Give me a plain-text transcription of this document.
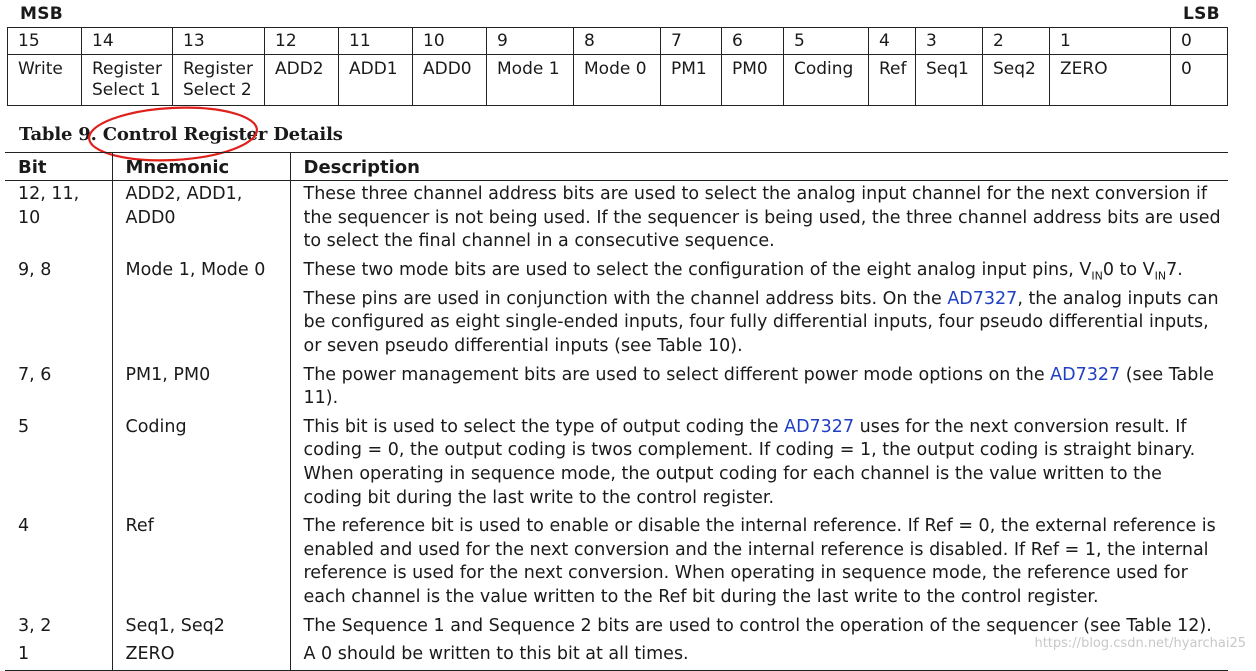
MSB	LSB
15	14	13	12	11	10	9	8	7	6	5	4	3	2	1	0
Write	Register Select 1	Register Select 2	ADD2	ADD1	ADD0	Mode 1	Mode 0	PM1	PM0	Coding	Ref	Seq1	Seq2	ZERO	0
Table 9. Control Register Details
Bit	Mnemonic	Description
12, 11, 10	ADD2, ADD1, ADD0	These three channel address bits are used to select the analog input channel for the next conversion if the sequencer is not being used. If the sequencer is being used, the three channel address bits are used to select the final channel in a consecutive sequence.
9, 8	Mode 1, Mode 0	These two mode bits are used to select the configuration of the eight analog input pins, $V_{IN}0$ to $V_{IN}7$. These pins are used in conjunction with the channel address bits. On the AD7327, the analog inputs can be configured as eight single-ended inputs, four fully differential inputs, four pseudo differential inputs, or seven pseudo differential inputs (see Table 10).
7, 6	PM1, PM0	The power management bits are used to select different power mode options on the AD7327 (see Table 11).
5	Coding	This bit is used to select the type of output coding the AD7327 uses for the next conversion result. If coding = 0, the output coding is twos complement. If coding = 1, the output coding is straight binary. When operating in sequence mode, the output coding for each channel is the value written to the coding bit during the last write to the control register.
4	Ref	The reference bit is used to enable or disable the internal reference. If Ref = 0, the external reference is enabled and used for the next conversion and the internal reference is disabled. If Ref = 1, the internal reference is used for the next conversion. When operating in sequence mode, the reference used for each channel is the value written to the Ref bit during the last write to the control register.
3, 2	Seq1, Seq2	The Sequence 1 and Sequence 2 bits are used to control the operation of the sequencer (see Table 12).
1	ZERO	A 0 should be written to this bit at all times.
https://blog.csdn.net/hyarchai25
